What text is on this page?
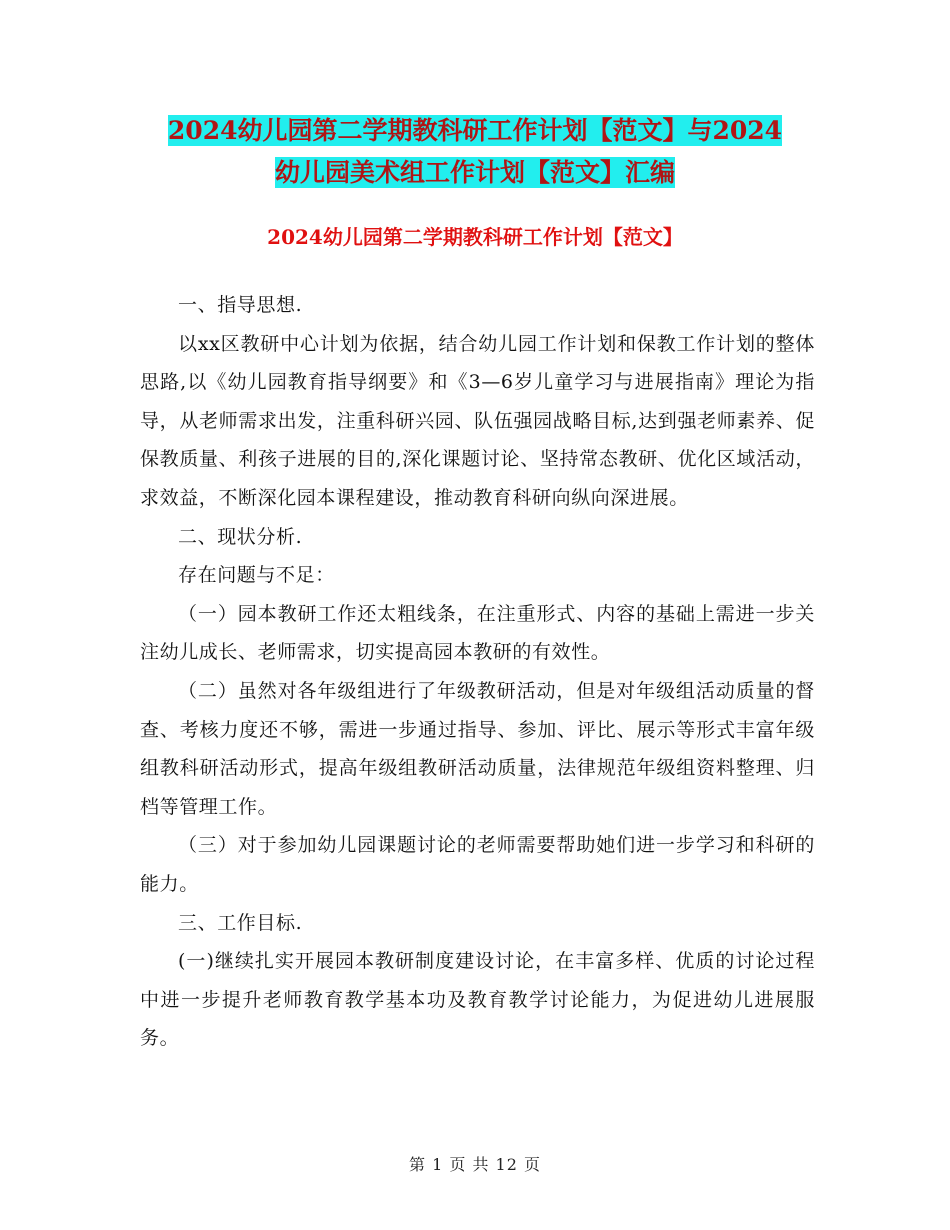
2024幼儿园第二学期教科研工作计划【范文】与2024
幼儿园美术组工作计划【范文】汇编
2024幼儿园第二学期教科研工作计划【范文】

一、指导思想.

以xx区教研中心计划为依据，结合幼儿园工作计划和保教工作计划的整体思路,以《幼儿园教育指导纲要》和《3—6岁儿童学习与进展指南》理论为指导，从老师需求出发，注重科研兴园、队伍强园战略目标,达到强老师素养、促保教质量、利孩子进展的目的,深化课题讨论、坚持常态教研、优化区域活动，求效益，不断深化园本课程建设，推动教育科研向纵向深进展。

二、现状分析.

存在问题与不足：

（一）园本教研工作还太粗线条，在注重形式、内容的基础上需进一步关注幼儿成长、老师需求，切实提高园本教研的有效性。

（二）虽然对各年级组进行了年级教研活动，但是对年级组活动质量的督查、考核力度还不够，需进一步通过指导、参加、评比、展示等形式丰富年级组教科研活动形式，提高年级组教研活动质量，法律规范年级组资料整理、归档等管理工作。

（三）对于参加幼儿园课题讨论的老师需要帮助她们进一步学习和科研的能力。

三、工作目标.

(一)继续扎实开展园本教研制度建设讨论，在丰富多样、优质的讨论过程中进一步提升老师教育教学基本功及教育教学讨论能力，为促进幼儿进展服务。

第 1 页 共 12 页
